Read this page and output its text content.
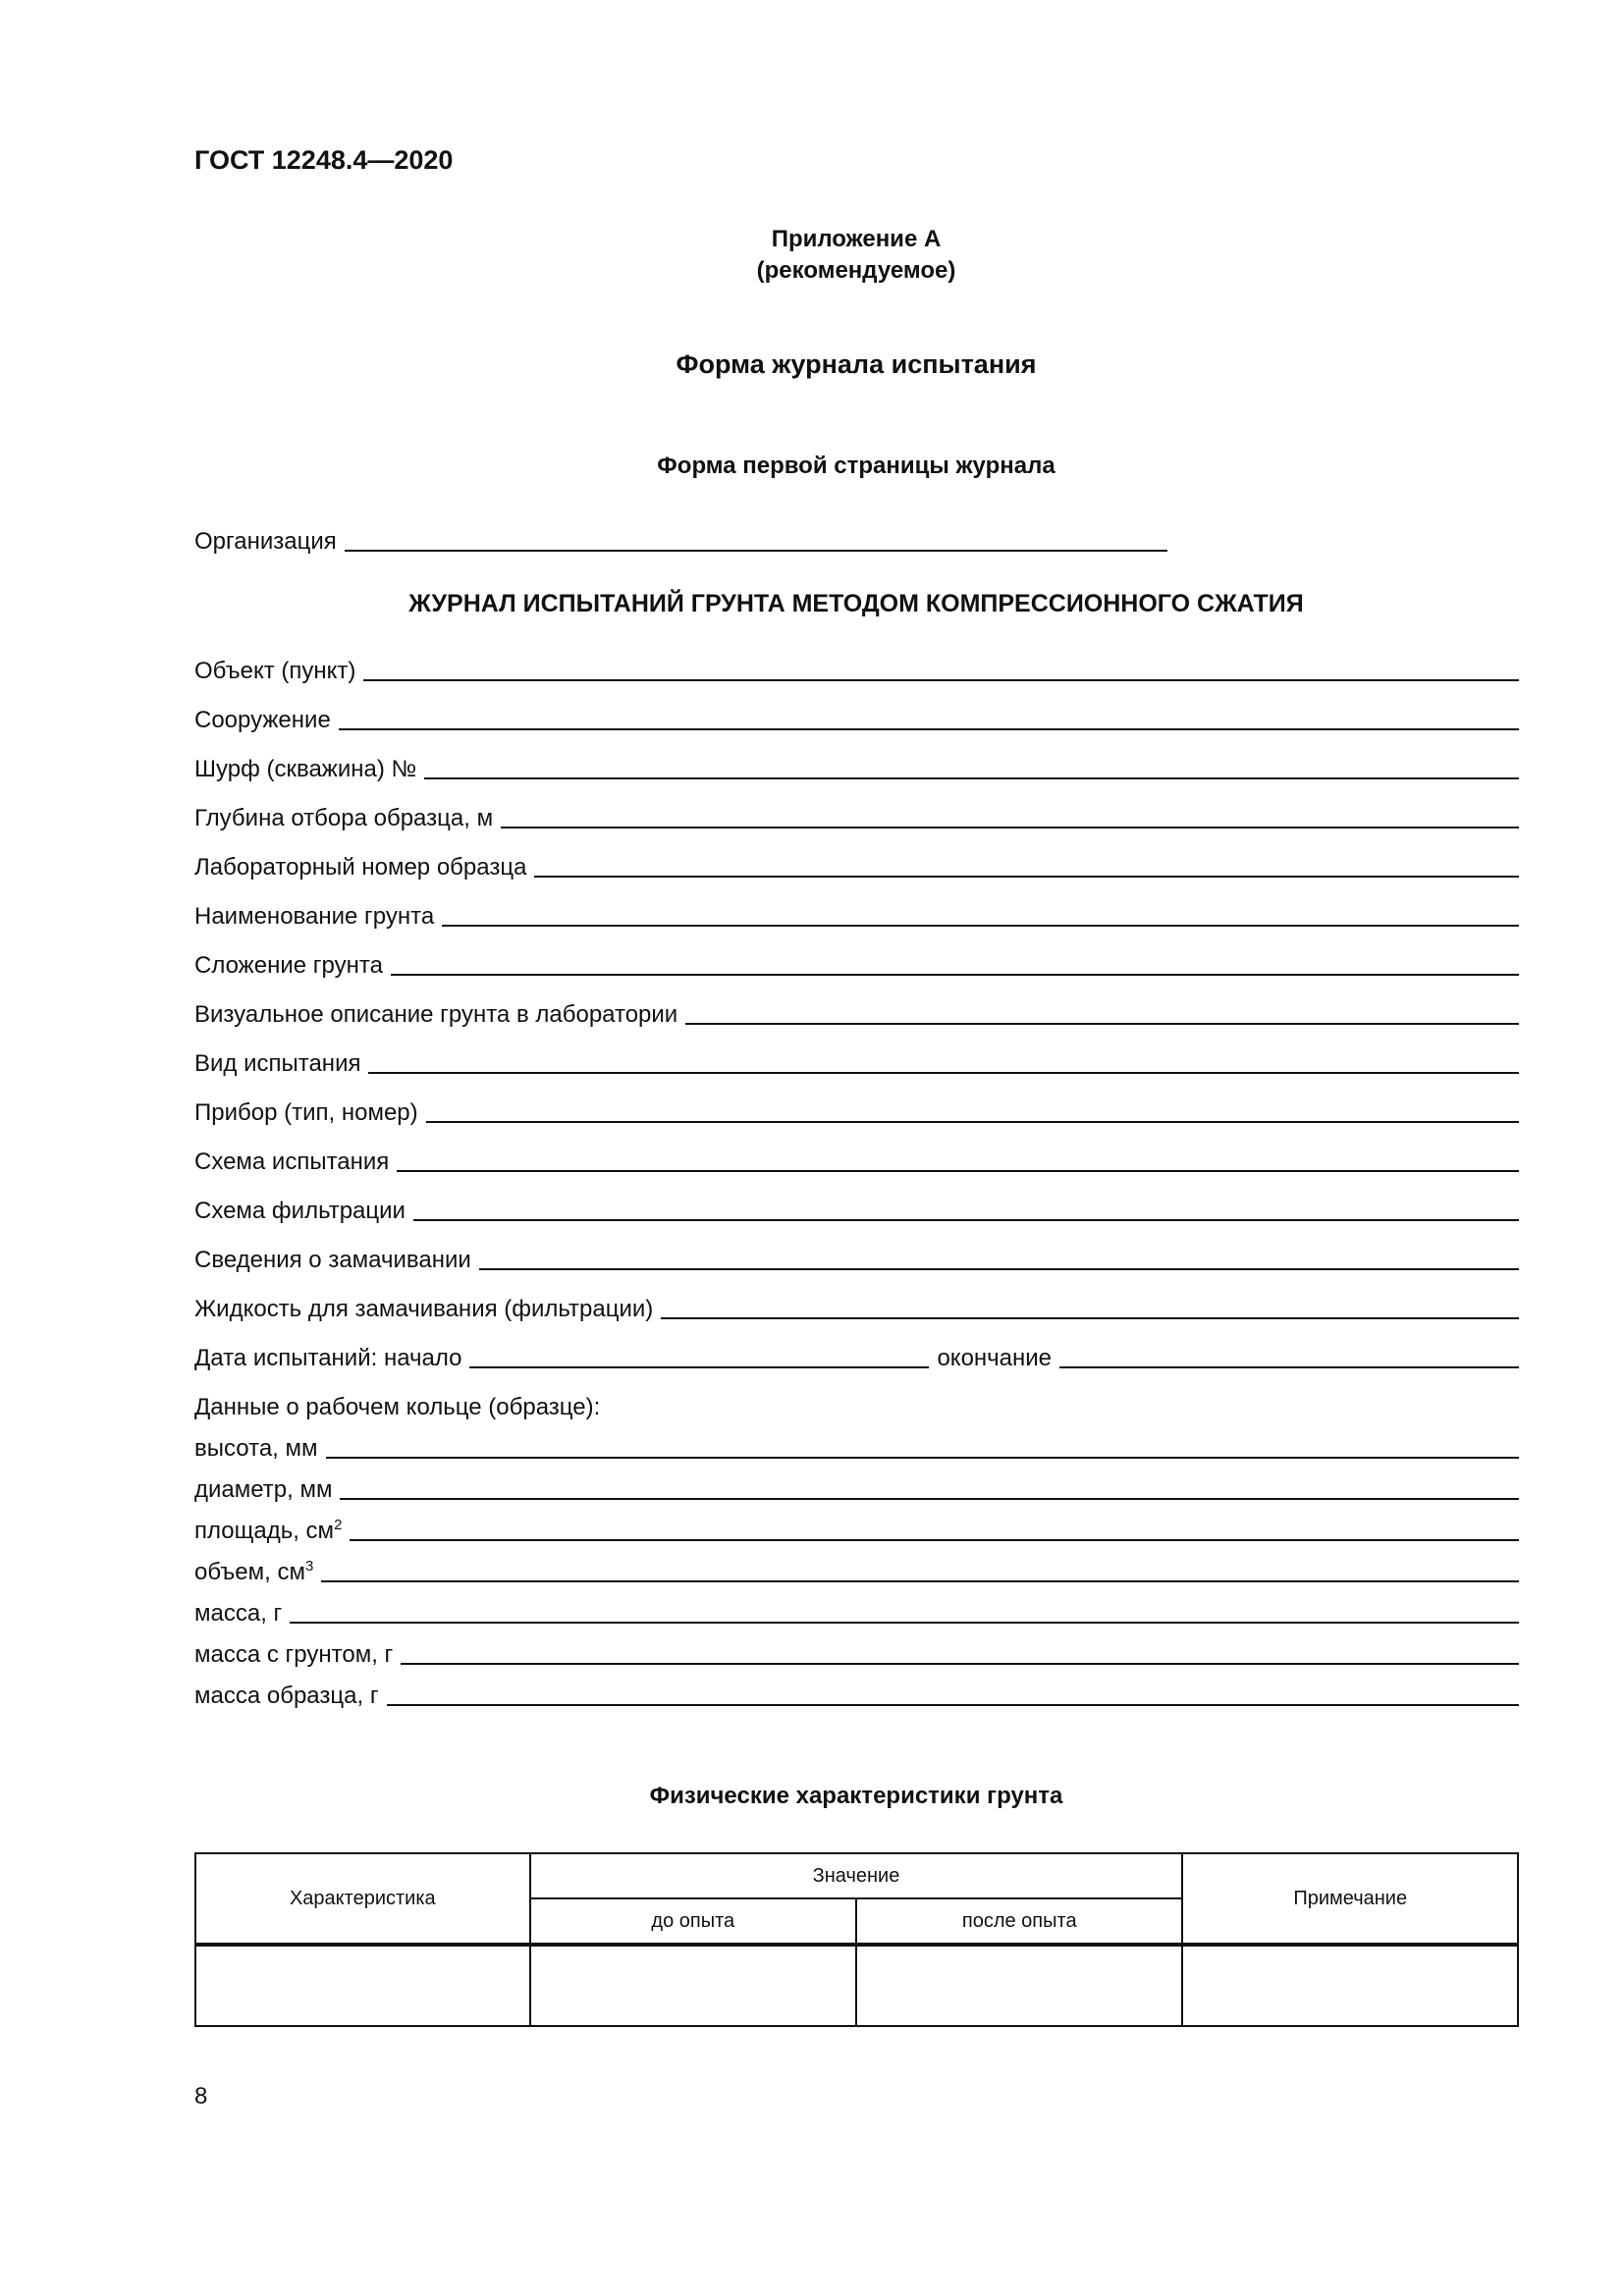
ГОСТ 12248.4—2020
Приложение А
(рекомендуемое)
Форма журнала испытания
Форма первой страницы журнала
Организация
ЖУРНАЛ ИСПЫТАНИЙ ГРУНТА МЕТОДОМ КОМПРЕССИОННОГО СЖАТИЯ
Объект (пункт)
Сооружение
Шурф (скважина) №
Глубина отбора образца, м
Лабораторный номер образца
Наименование грунта
Сложение грунта
Визуальное описание грунта в лаборатории
Вид испытания
Прибор (тип, номер)
Схема испытания
Схема фильтрации
Сведения о замачивании
Жидкость для замачивания (фильтрации)
Дата испытаний: начало	окончание
Данные о рабочем кольце (образце):
высота, мм
диаметр, мм
площадь, $см^2$
объем, $см^3$
масса, г
масса с грунтом, г
масса образца, г
Физические характеристики грунта
Характеристика	Значение		Примечание
	до опыта	после опыта	

8
